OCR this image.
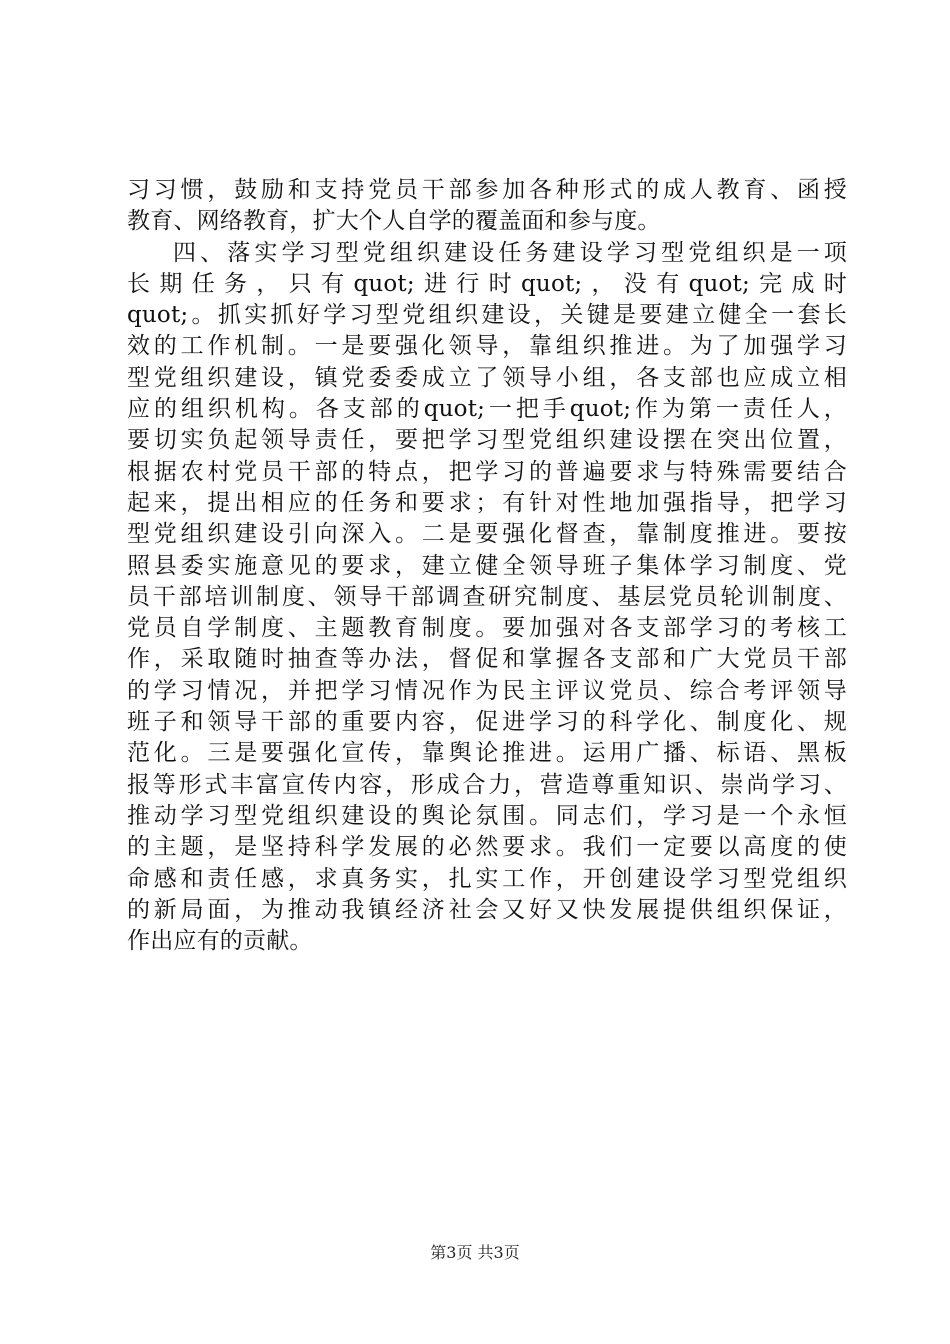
习习惯，鼓励和支持党员干部参加各种形式的成人教育、函授
教育、网络教育，扩大个人自学的覆盖面和参与度。
四、落实学习型党组织建设任务建设学习型党组织是一项
长期任务，只有quot;进行时quot;，没有quot;完成时
quot;。抓实抓好学习型党组织建设，关键是要建立健全一套长
效的工作机制。一是要强化领导，靠组织推进。为了加强学习
型党组织建设，镇党委委成立了领导小组，各支部也应成立相
应的组织机构。各支部的quot;一把手quot;作为第一责任人，
要切实负起领导责任，要把学习型党组织建设摆在突出位置，
根据农村党员干部的特点，把学习的普遍要求与特殊需要结合
起来，提出相应的任务和要求；有针对性地加强指导，把学习
型党组织建设引向深入。二是要强化督查，靠制度推进。要按
照县委实施意见的要求，建立健全领导班子集体学习制度、党
员干部培训制度、领导干部调查研究制度、基层党员轮训制度、
党员自学制度、主题教育制度。要加强对各支部学习的考核工
作，采取随时抽查等办法，督促和掌握各支部和广大党员干部
的学习情况，并把学习情况作为民主评议党员、综合考评领导
班子和领导干部的重要内容，促进学习的科学化、制度化、规
范化。三是要强化宣传，靠舆论推进。运用广播、标语、黑板
报等形式丰富宣传内容，形成合力，营造尊重知识、崇尚学习、
推动学习型党组织建设的舆论氛围。同志们，学习是一个永恒
的主题，是坚持科学发展的必然要求。我们一定要以高度的使
命感和责任感，求真务实，扎实工作，开创建设学习型党组织
的新局面，为推动我镇经济社会又好又快发展提供组织保证，
作出应有的贡献。
第3页 共3页
